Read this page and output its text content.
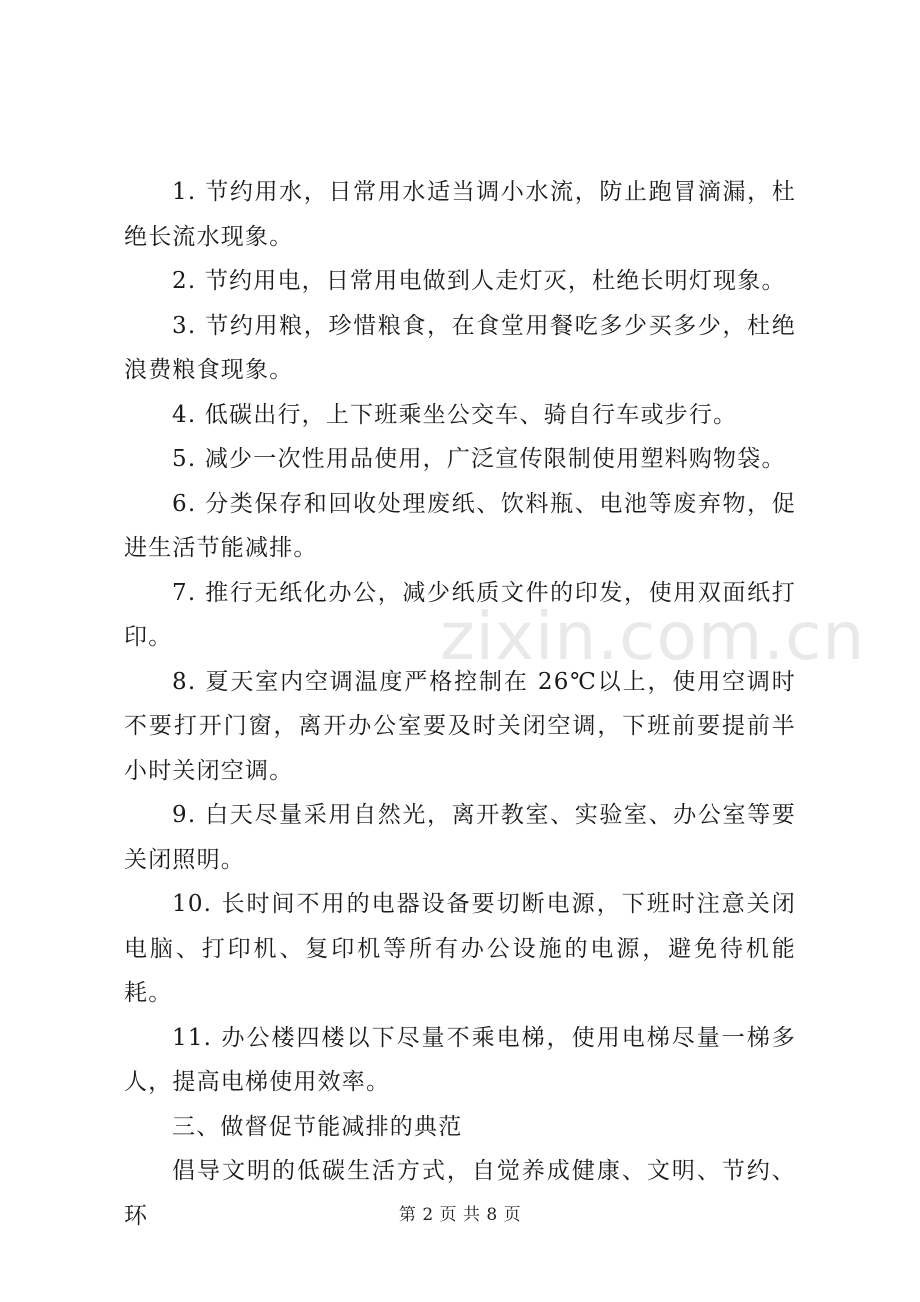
zixin.com.cn

1. 节约用水，日常用水适当调小水流，防止跑冒滴漏，杜绝长流水现象。

2. 节约用电，日常用电做到人走灯灭，杜绝长明灯现象。

3. 节约用粮，珍惜粮食，在食堂用餐吃多少买多少，杜绝浪费粮食现象。

4. 低碳出行，上下班乘坐公交车、骑自行车或步行。

5. 减少一次性用品使用，广泛宣传限制使用塑料购物袋。

6. 分类保存和回收处理废纸、饮料瓶、电池等废弃物，促进生活节能减排。

7. 推行无纸化办公，减少纸质文件的印发，使用双面纸打印。

8. 夏天室内空调温度严格控制在 26℃以上，使用空调时不要打开门窗，离开办公室要及时关闭空调，下班前要提前半小时关闭空调。

9. 白天尽量采用自然光，离开教室、实验室、办公室等要关闭照明。

10. 长时间不用的电器设备要切断电源，下班时注意关闭电脑、打印机、复印机等所有办公设施的电源，避免待机能耗。

11. 办公楼四楼以下尽量不乘电梯，使用电梯尽量一梯多人，提高电梯使用效率。

三、做督促节能减排的典范

倡导文明的低碳生活方式，自觉养成健康、文明、节约、环	第 2 页 共 8 页
